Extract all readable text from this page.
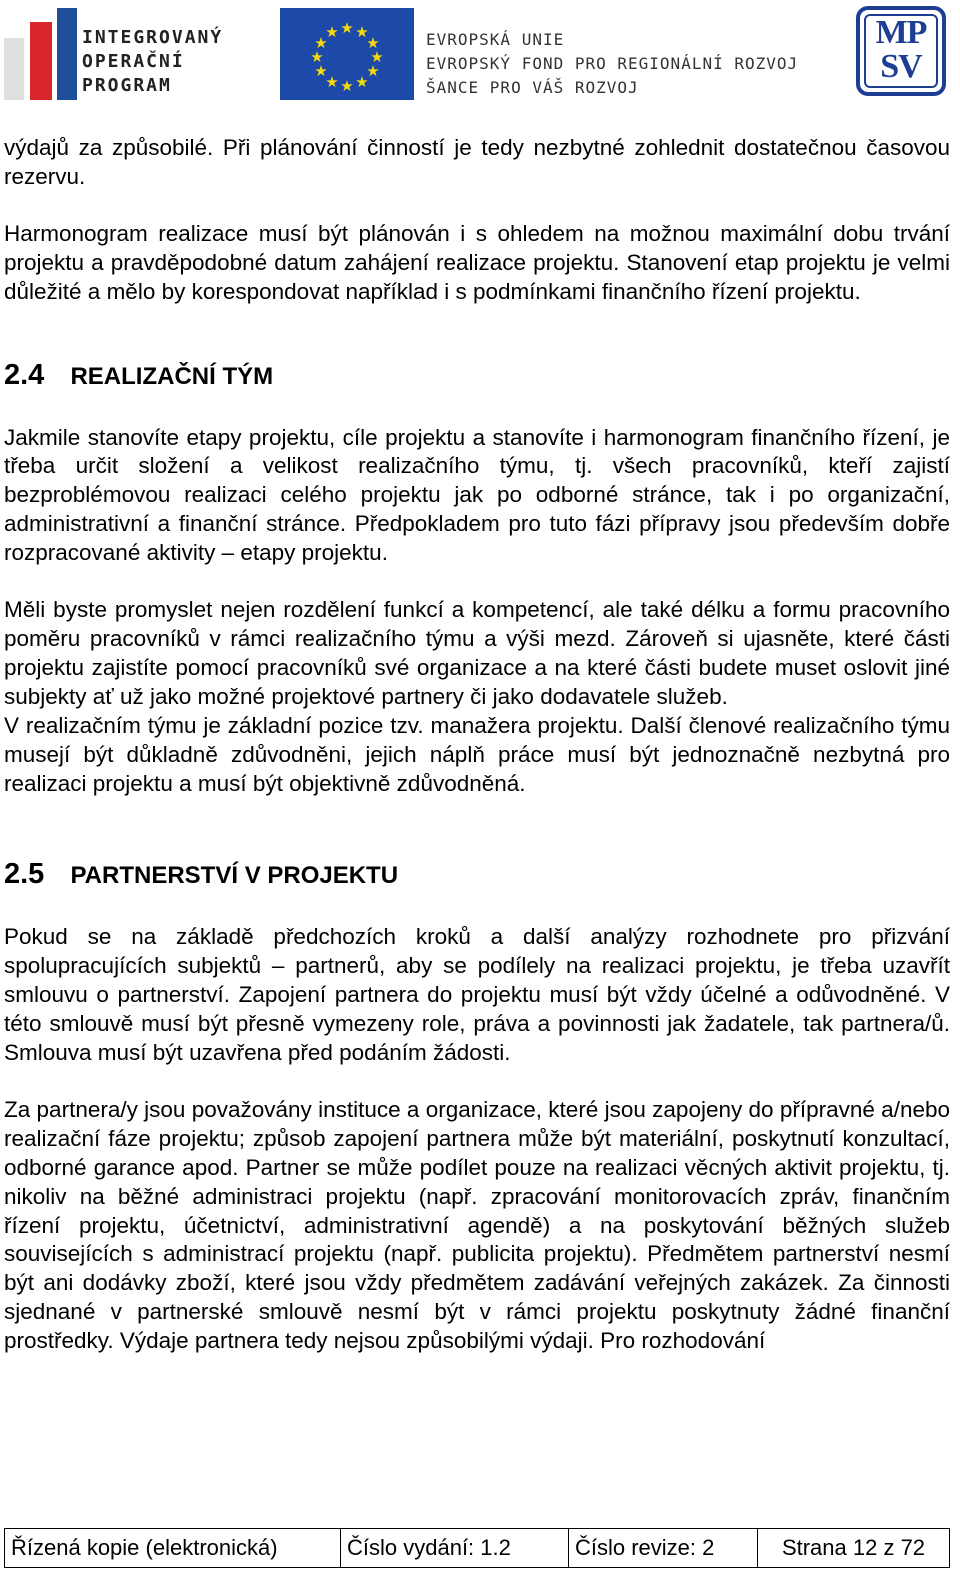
INTEGROVANÝ
OPERAČNÍ
PROGRAM
★ ★
★
★
★
★
★
★
★
★
★
★	EVROPSKÁ UNIE
EVROPSKÝ FOND PRO REGIONÁLNÍ ROZVOJ
ŠANCE PRO VÁŠ ROZVOJ
MP
SV

výdajů za způsobilé. Při plánování činností je tedy nezbytné zohlednit dostatečnou časovou rezervu.

Harmonogram realizace musí být plánován i s ohledem na možnou maximální dobu trvání projektu a pravděpodobné datum zahájení realizace projektu. Stanovení etap projektu je velmi důležité a mělo by korespondovat například i s podmínkami finančního řízení projektu.

2.4 REALIZAČNÍ TÝM

Jakmile stanovíte etapy projektu, cíle projektu a stanovíte i harmonogram finančního řízení, je třeba určit složení a velikost realizačního týmu, tj. všech pracovníků, kteří zajistí bezproblémovou realizaci celého projektu jak po odborné stránce, tak i po organizační, administrativní a finanční stránce. Předpokladem pro tuto fázi přípravy jsou především dobře rozpracované aktivity – etapy projektu.

Měli byste promyslet nejen rozdělení funkcí a kompetencí, ale také délku a formu pracovního poměru pracovníků v rámci realizačního týmu a výši mezd. Zároveň si ujasněte, které části projektu zajistíte pomocí pracovníků své organizace a na které části budete muset oslovit jiné subjekty ať už jako možné projektové partnery či jako dodavatele služeb.

V realizačním týmu je základní pozice tzv. manažera projektu. Další členové realizačního týmu musejí být důkladně zdůvodněni, jejich náplň práce musí být jednoznačně nezbytná pro realizaci projektu a musí být objektivně zdůvodněná.

2.5 PARTNERSTVÍ V PROJEKTU

Pokud se na základě předchozích kroků a další analýzy rozhodnete pro přizvání spolupracujících subjektů – partnerů, aby se podílely na realizaci projektu, je třeba uzavřít smlouvu o partnerství. Zapojení partnera do projektu musí být vždy účelné a odůvodněné. V této smlouvě musí být přesně vymezeny role, práva a povinnosti jak žadatele, tak partnera/ů. Smlouva musí být uzavřena před podáním žádosti.

Za partnera/y jsou považovány instituce a organizace, které jsou zapojeny do přípravné a/nebo realizační fáze projektu; způsob zapojení partnera může být materiální, poskytnutí konzultací, odborné garance apod. Partner se může podílet pouze na realizaci věcných aktivit projektu, tj. nikoliv na běžné administraci projektu (např. zpracování monitorovacích zpráv, finančním řízení projektu, účetnictví, administrativní agendě) a na poskytování běžných služeb souvisejících s administrací projektu (např. publicita projektu). Předmětem partnerství nesmí být ani dodávky zboží, které jsou vždy předmětem zadávání veřejných zakázek. Za činnosti sjednané v partnerské smlouvě nesmí být v rámci projektu poskytnuty žádné finanční prostředky. Výdaje partnera tedy nejsou způsobilými výdaji. Pro rozhodování

Řízená kopie (elektronická)	Číslo vydání: 1.2	Číslo revize: 2	Strana 12 z 72
